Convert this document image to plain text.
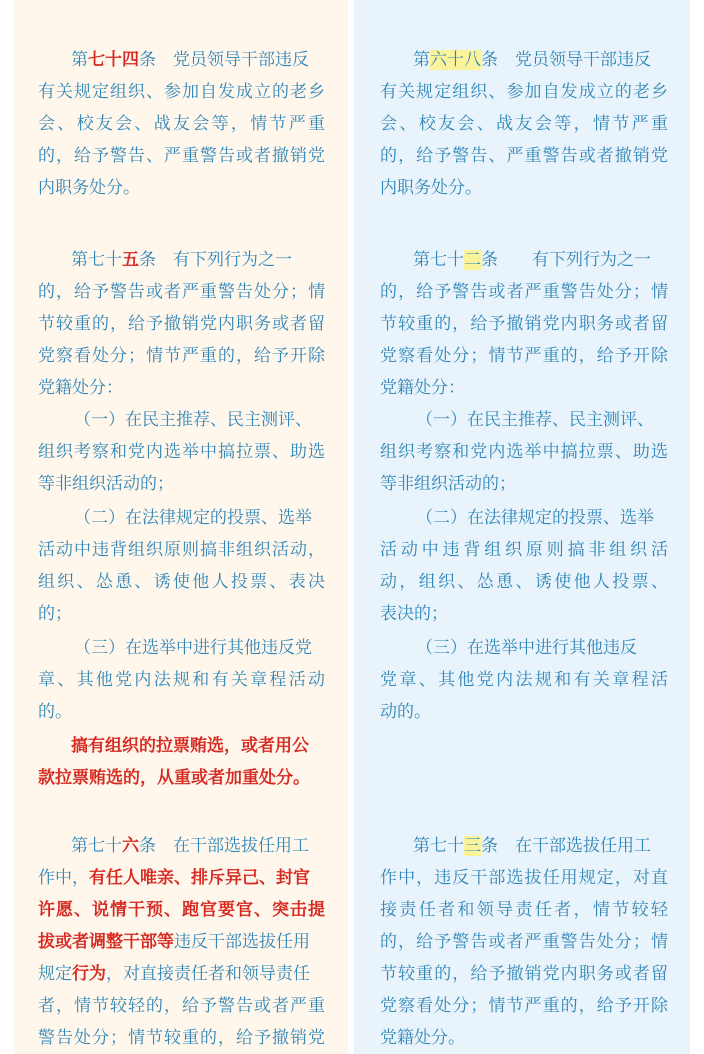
第七十四条　党员领导干部违反
有关规定组织、参加自发成立的老乡
会、校友会、战友会等，情节严重
的，给予警告、严重警告或者撤销党
内职务处分。
第七十五条　有下列行为之一
的，给予警告或者严重警告处分；情
节较重的，给予撤销党内职务或者留
党察看处分；情节严重的，给予开除
党籍处分：
（一）在民主推荐、民主测评、
组织考察和党内选举中搞拉票、助选
等非组织活动的；
（二）在法律规定的投票、选举
活动中违背组织原则搞非组织活动，
组织、怂恿、诱使他人投票、表决
的；
（三）在选举中进行其他违反党
章、其他党内法规和有关章程活动
的。
搞有组织的拉票贿选，或者用公
款拉票贿选的，从重或者加重处分。
第七十六条　在干部选拔任用工
作中，有任人唯亲、排斥异己、封官
许愿、说情干预、跑官要官、突击提
拔或者调整干部等违反干部选拔任用
规定行为，对直接责任者和领导责任
者，情节较轻的，给予警告或者严重
警告处分；情节较重的，给予撤销党
第六十八条　党员领导干部违反
有关规定组织、参加自发成立的老乡
会、校友会、战友会等，情节严重
的，给予警告、严重警告或者撤销党
内职务处分。
第七十二条　　有下列行为之一
的，给予警告或者严重警告处分；情
节较重的，给予撤销党内职务或者留
党察看处分；情节严重的，给予开除
党籍处分：
（一）在民主推荐、民主测评、
组织考察和党内选举中搞拉票、助选
等非组织活动的；
（二）在法律规定的投票、选举
活动中违背组织原则搞非组织活
动，组织、怂恿、诱使他人投票、
表决的；
（三）在选举中进行其他违反
党章、其他党内法规和有关章程活
动的。
第七十三条　在干部选拔任用工
作中，违反干部选拔任用规定，对直
接责任者和领导责任者，情节较轻
的，给予警告或者严重警告处分；情
节较重的，给予撤销党内职务或者留
党察看处分；情节严重的，给予开除
党籍处分。
